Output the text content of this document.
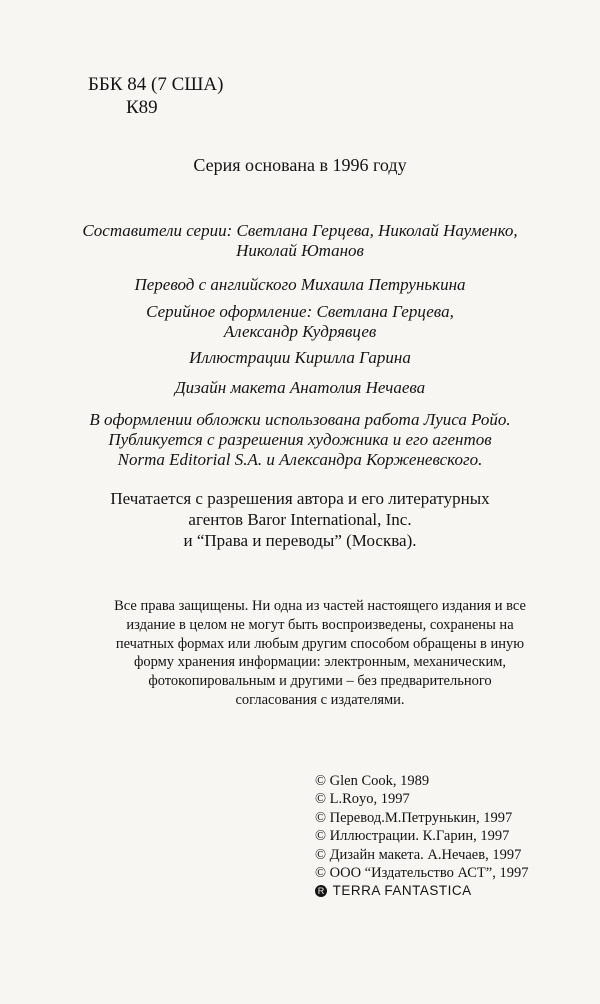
ББК 84 (7 США)
К89
Серия основана в 1996 году
Составители серии: Светлана Герцева, Николай Науменко,
Николай Ютанов
Перевод с английского Михаила Петрунькина
Серийное оформление: Светлана Герцева,
Александр Кудрявцев
Иллюстрации Кирилла Гарина
Дизайн макета Анатолия Нечаева
В оформлении обложки использована работа Луиса Ройо.
Публикуется с разрешения художника и его агентов
Norma Editorial S.A. и Александра Корженевского.
Печатается с разрешения автора и его литературных
агентов Baror International, Inc.
и “Права и переводы” (Москва).
Все права защищены. Ни одна из частей настоящего издания и все
издание в целом не могут быть воспроизведены, сохранены на
печатных формах или любым другим способом обращены в иную
форму хранения информации: электронным, механическим,
фотокопировальным и другими – без предварительного
согласования с издателями.
© Glen Cook, 1989
© L.Royo, 1997
© Перевод.М.Петрунькин, 1997
© Иллюстрации. К.Гарин, 1997
© Дизайн макета. А.Нечаев, 1997
© ООО “Издательство АСТ”, 1997
R TERRA FANTASTICA
